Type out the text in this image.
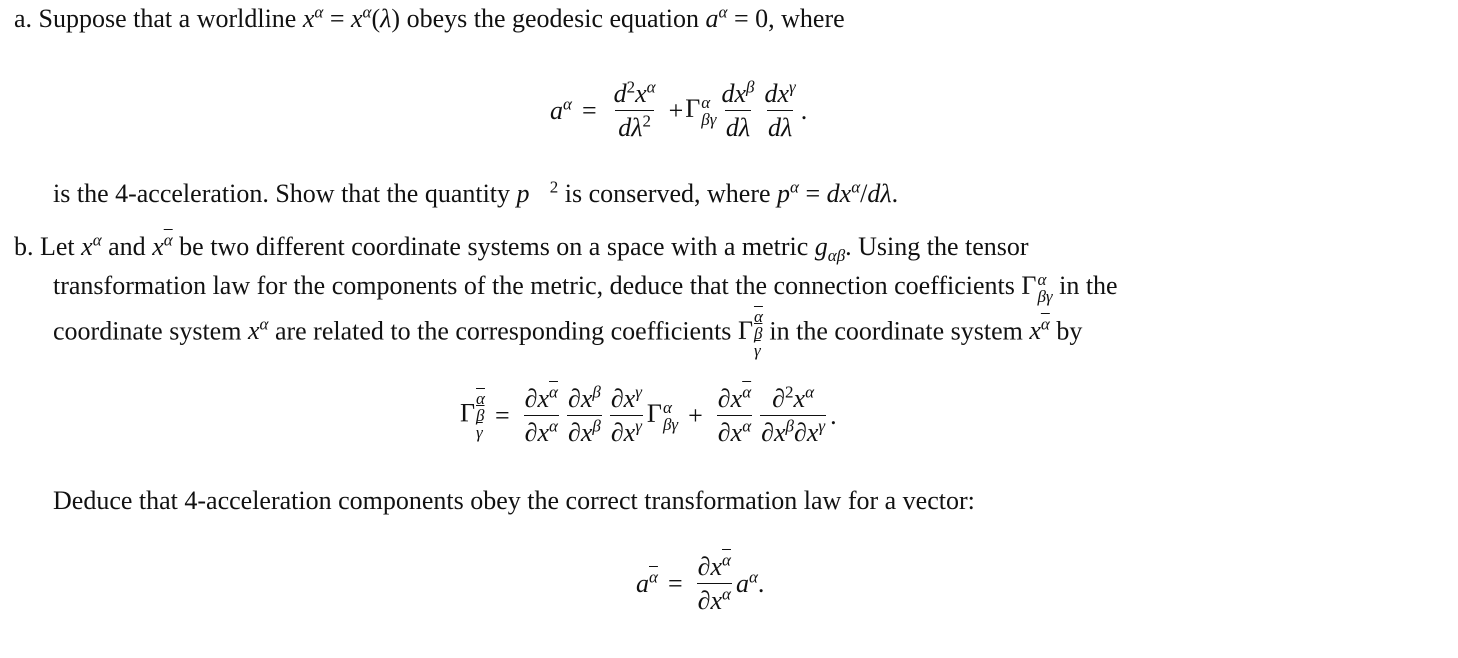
a. Suppose that a worldline $x^\alpha = x^\alpha(\lambda)$ obeys the geodesic equation $a^\alpha = 0$, where
$a^\alpha = \frac{d^2x^\alpha}{d\lambda^2} + \Gamma$ α
βγ $\frac{dx^\beta}{d\lambda} \frac{dx^\gamma}{d\lambda}$ .
is the 4-acceleration. Show that the quantity p⃗$^2$ is conserved, where $p^\alpha = dx^\alpha/d\lambda$.
b. Let $x^\alpha$ and $x^{\overline{\alpha}}$ be two different coordinate systems on a space with a metric $g_{\alpha\beta}$. Using the tensor
transformation law for the components of the metric, deduce that the connection coefficients Γ α
βγ in the
coordinate system $x^\alpha$ are related to the corresponding coefficients Γ $\overline{\alpha}$
$\overline{\beta}$
$\overline{\gamma}$
in the coordinate system $x^{\overline{\alpha}}$ by
Γ $\overline{\alpha}$
$\overline{\beta}$
$\overline{\gamma}$
= $\frac{\partial x^{\overline{\alpha}}}{\partial x^\alpha} \frac{\partial x^\beta}{\partial x^{\overline{\beta}}} \frac{\partial x^\gamma}{\partial x^{\overline{\gamma}}}$ Γ α
$\beta\gamma + \frac{\partial x^{\overline{\alpha}}}{\partial x^\alpha} \frac{\partial^2x^\alpha}{\partial x^{\overline{\beta}}\partial x^{\overline{\gamma}}}$ .
Deduce that 4-acceleration components obey the correct transformation law for a vector:
$a^{\overline{\alpha}} = \frac{\partial x^{\overline{\alpha}}}{\partial x^\alpha} a^\alpha$ .
